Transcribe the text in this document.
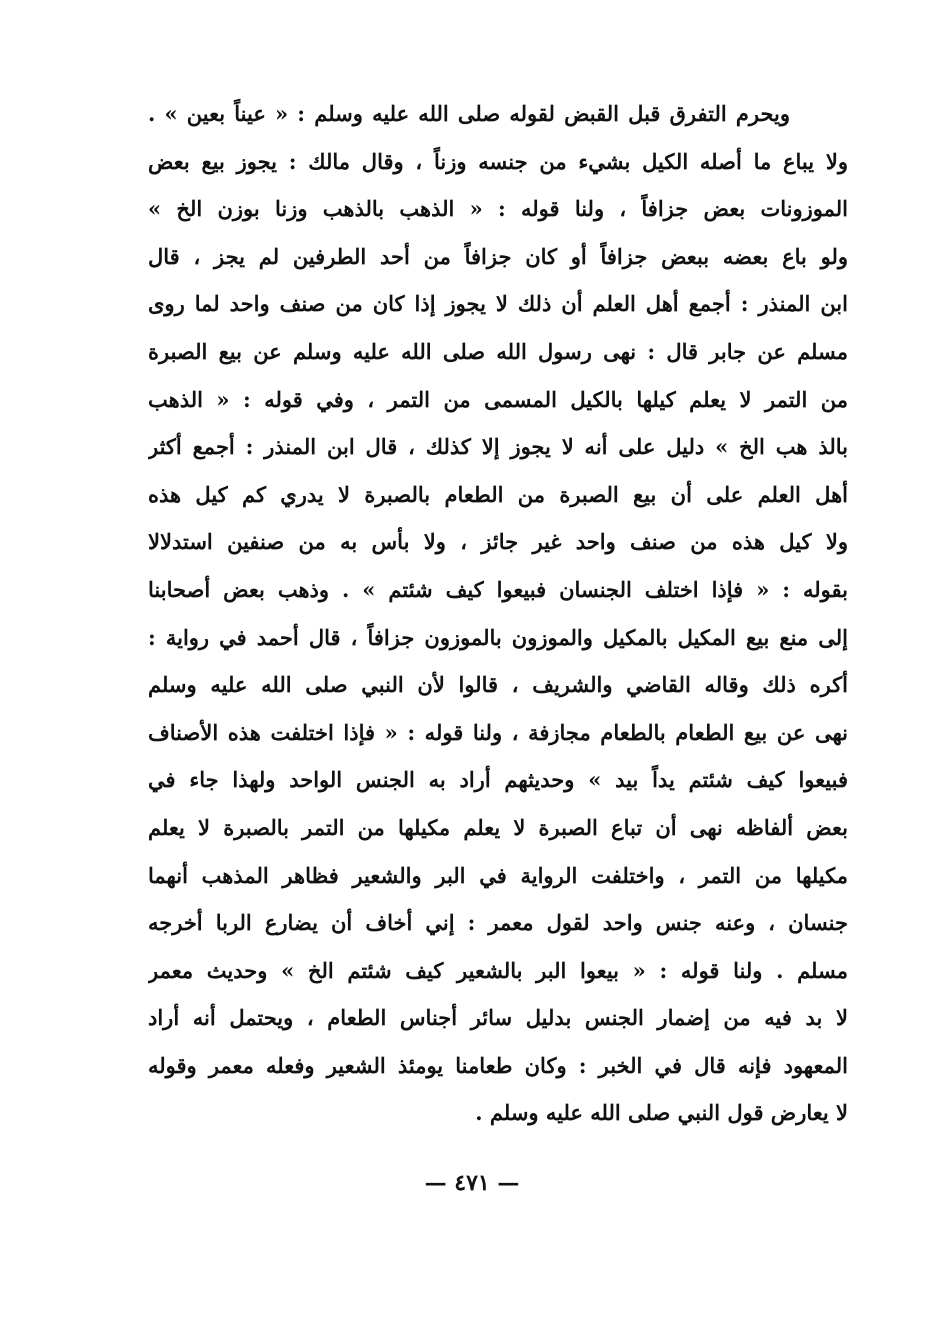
ويحرم التفرق قبل القبض لقوله صلى الله عليه وسلم : « عيناً بعين » .
ولا يباع ما أصله الكيل بشيء من جنسه وزناً ، وقال مالك : يجوز بيع بعض
الموزونات بعض جزافاً ، ولنا قوله : « الذهب بالذهب وزنا بوزن الخ »
ولو باع بعضه ببعض جزافاً أو كان جزافاً من أحد الطرفين لم يجز ، قال
ابن المنذر : أجمع أهل العلم أن ذلك لا يجوز إذا كان من صنف واحد لما روى
مسلم عن جابر قال : نهى رسول الله صلى الله عليه وسلم عن بيع الصبرة
من التمر لا يعلم كيلها بالكيل المسمى من التمر ، وفي قوله : « الذهب
بالذ هب الخ » دليل على أنه لا يجوز إلا كذلك ، قال ابن المنذر : أجمع أكثر
أهل العلم على أن بيع الصبرة من الطعام بالصبرة لا يدري كم كيل هذه
ولا كيل هذه من صنف واحد غير جائز ، ولا بأس به من صنفين استدلالا
بقوله : « فإذا اختلف الجنسان فبيعوا كيف شئتم » . وذهب بعض أصحابنا
إلى منع بيع المكيل بالمكيل والموزون بالموزون جزافاً ، قال أحمد في رواية :
أكره ذلك وقاله القاضي والشريف ، قالوا لأن النبي صلى الله عليه وسلم
نهى عن بيع الطعام بالطعام مجازفة ، ولنا قوله : « فإذا اختلفت هذه الأصناف
فبيعوا كيف شئتم يداً بيد » وحديثهم أراد به الجنس الواحد ولهذا جاء في
بعض ألفاظه نهى أن تباع الصبرة لا يعلم مكيلها من التمر بالصبرة لا يعلم
مكيلها من التمر ، واختلفت الرواية في البر والشعير فظاهر المذهب أنهما
جنسان ، وعنه جنس واحد لقول معمر : إني أخاف أن يضارع الربا أخرجه
مسلم . ولنا قوله : « بيعوا البر بالشعير كيف شئتم الخ » وحديث معمر
لا بد فيه من إضمار الجنس بدليل سائر أجناس الطعام ، ويحتمل أنه أراد
المعهود فإنه قال في الخبر : وكان طعامنا يومئذ الشعير وفعله معمر وقوله
لا يعارض قول النبي صلى الله عليه وسلم .
— ٤٧١ —
